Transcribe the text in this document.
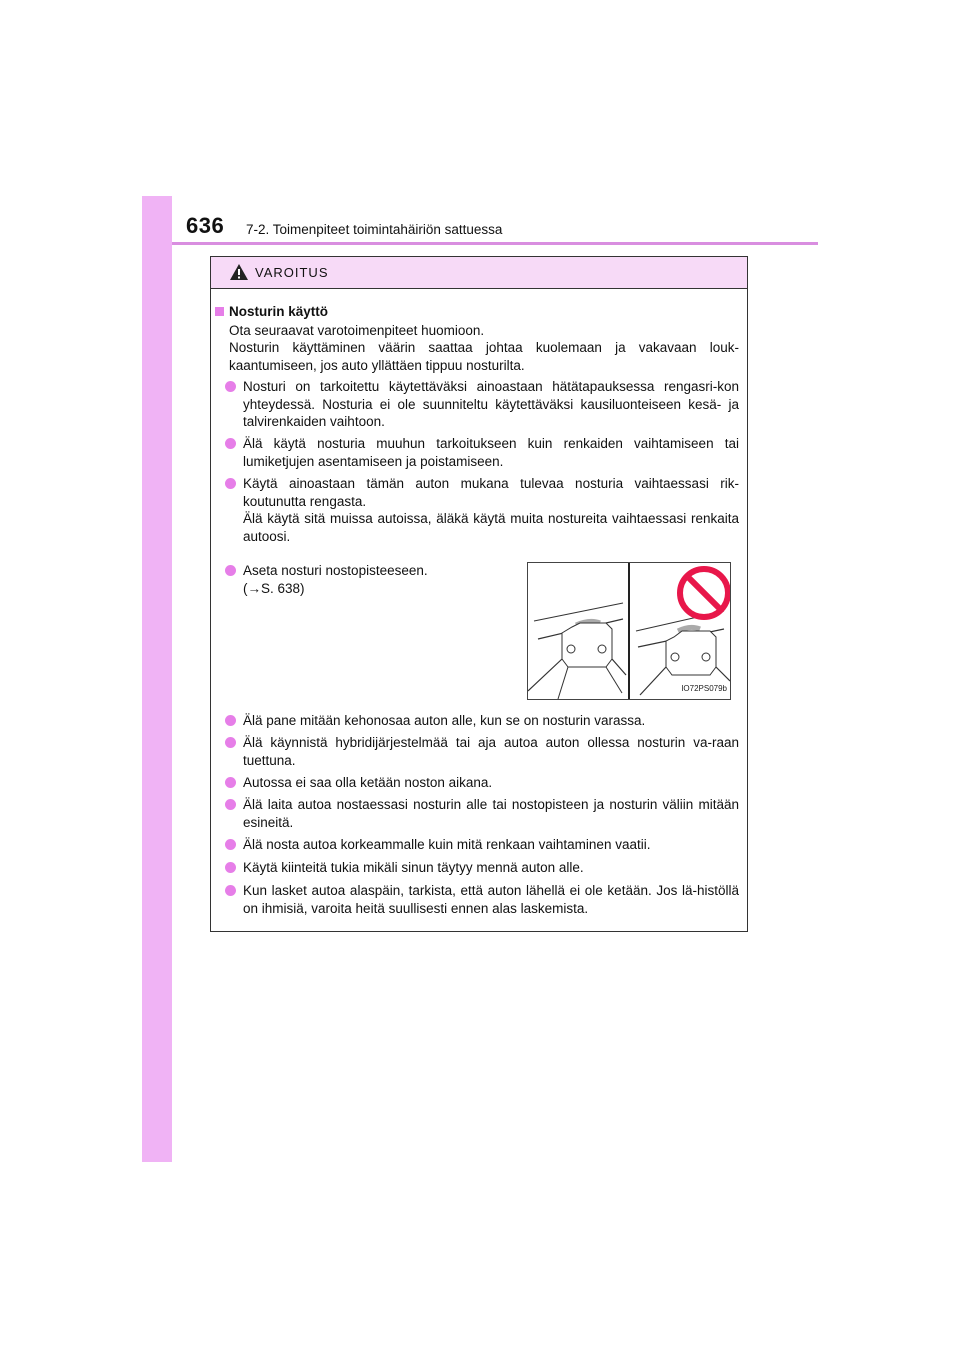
636 7-2. Toimenpiteet toimintahäiriön sattuessa
VAROITUS
Nosturin käyttö
Ota seuraavat varotoimenpiteet huomioon.
Nosturin käyttäminen väärin saattaa johtaa kuolemaan ja vakavaan louk-kaantumiseen, jos auto yllättäen tippuu nosturilta.
Nosturi on tarkoitettu käytettäväksi ainoastaan hätätapauksessa rengasri-kon yhteydessä. Nosturia ei ole suunniteltu käytettäväksi kausiluonteiseen kesä- ja talvirenkaiden vaihtoon.
Älä käytä nosturia muuhun tarkoitukseen kuin renkaiden vaihtamiseen tai lumiketjujen asentamiseen ja poistamiseen.
Käytä ainoastaan tämän auton mukana tulevaa nosturia vaihtaessasi rik-koutunutta rengasta.
Älä käytä sitä muissa autoissa, äläkä käytä muita nostureita vaihtaessasi renkaita autoosi.
Aseta nosturi nostopisteeseen.
(→S. 638)
IO72PS079b
Älä pane mitään kehonosaa auton alle, kun se on nosturin varassa.
Älä käynnistä hybridijärjestelmää tai aja autoa auton ollessa nosturin va-raan tuettuna.
Autossa ei saa olla ketään noston aikana.
Älä laita autoa nostaessasi nosturin alle tai nostopisteen ja nosturin väliin mitään esineitä.
Älä nosta autoa korkeammalle kuin mitä renkaan vaihtaminen vaatii.
Käytä kiinteitä tukia mikäli sinun täytyy mennä auton alle.
Kun lasket autoa alaspäin, tarkista, että auton lähellä ei ole ketään. Jos lä-histöllä on ihmisiä, varoita heitä suullisesti ennen alas laskemista.
